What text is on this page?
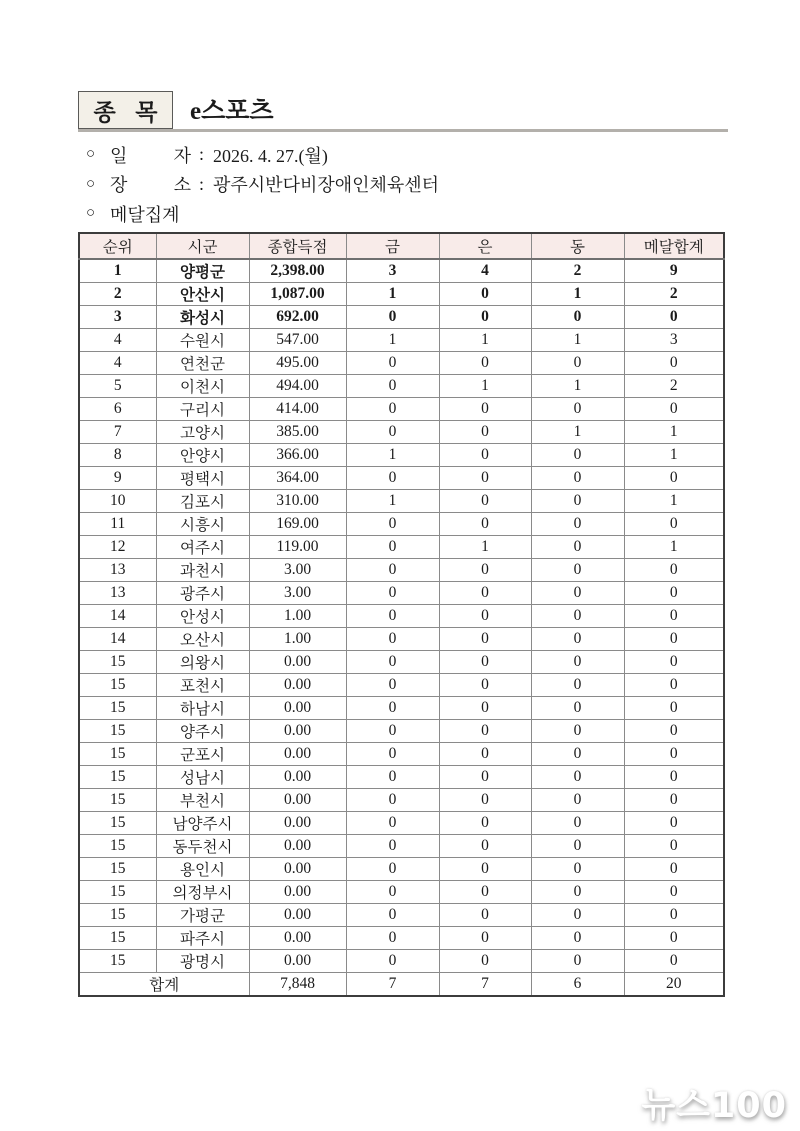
종 목 e스포츠
○ 일	자 : 2026. 4. 27.(월)
○ 장	소 : 광주시반다비장애인체육센터
○ 메달집계
순위	시군	종합득점	금	은	동	메달합계
1	양평군	2,398.00	3	4	2	9
2	안산시	1,087.00	1	0	1	2
3	화성시	692.00	0	0	0	0
4	수원시	547.00	1	1	1	3
4	연천군	495.00	0	0	0	0
5	이천시	494.00	0	1	1	2
6	구리시	414.00	0	0	0	0
7	고양시	385.00	0	0	1	1
8	안양시	366.00	1	0	0	1
9	평택시	364.00	0	0	0	0
10	김포시	310.00	1	0	0	1
11	시흥시	169.00	0	0	0	0
12	여주시	119.00	0	1	0	1
13	과천시	3.00	0	0	0	0
13	광주시	3.00	0	0	0	0
14	안성시	1.00	0	0	0	0
14	오산시	1.00	0	0	0	0
15	의왕시	0.00	0	0	0	0
15	포천시	0.00	0	0	0	0
15	하남시	0.00	0	0	0	0
15	양주시	0.00	0	0	0	0
15	군포시	0.00	0	0	0	0
15	성남시	0.00	0	0	0	0
15	부천시	0.00	0	0	0	0
15	남양주시	0.00	0	0	0	0
15	동두천시	0.00	0	0	0	0
15	용인시	0.00	0	0	0	0
15	의정부시	0.00	0	0	0	0
15	가평군	0.00	0	0	0	0
15	파주시	0.00	0	0	0	0
15	광명시	0.00	0	0	0	0
합계		7,848	7	7	6	20
뉴스100
